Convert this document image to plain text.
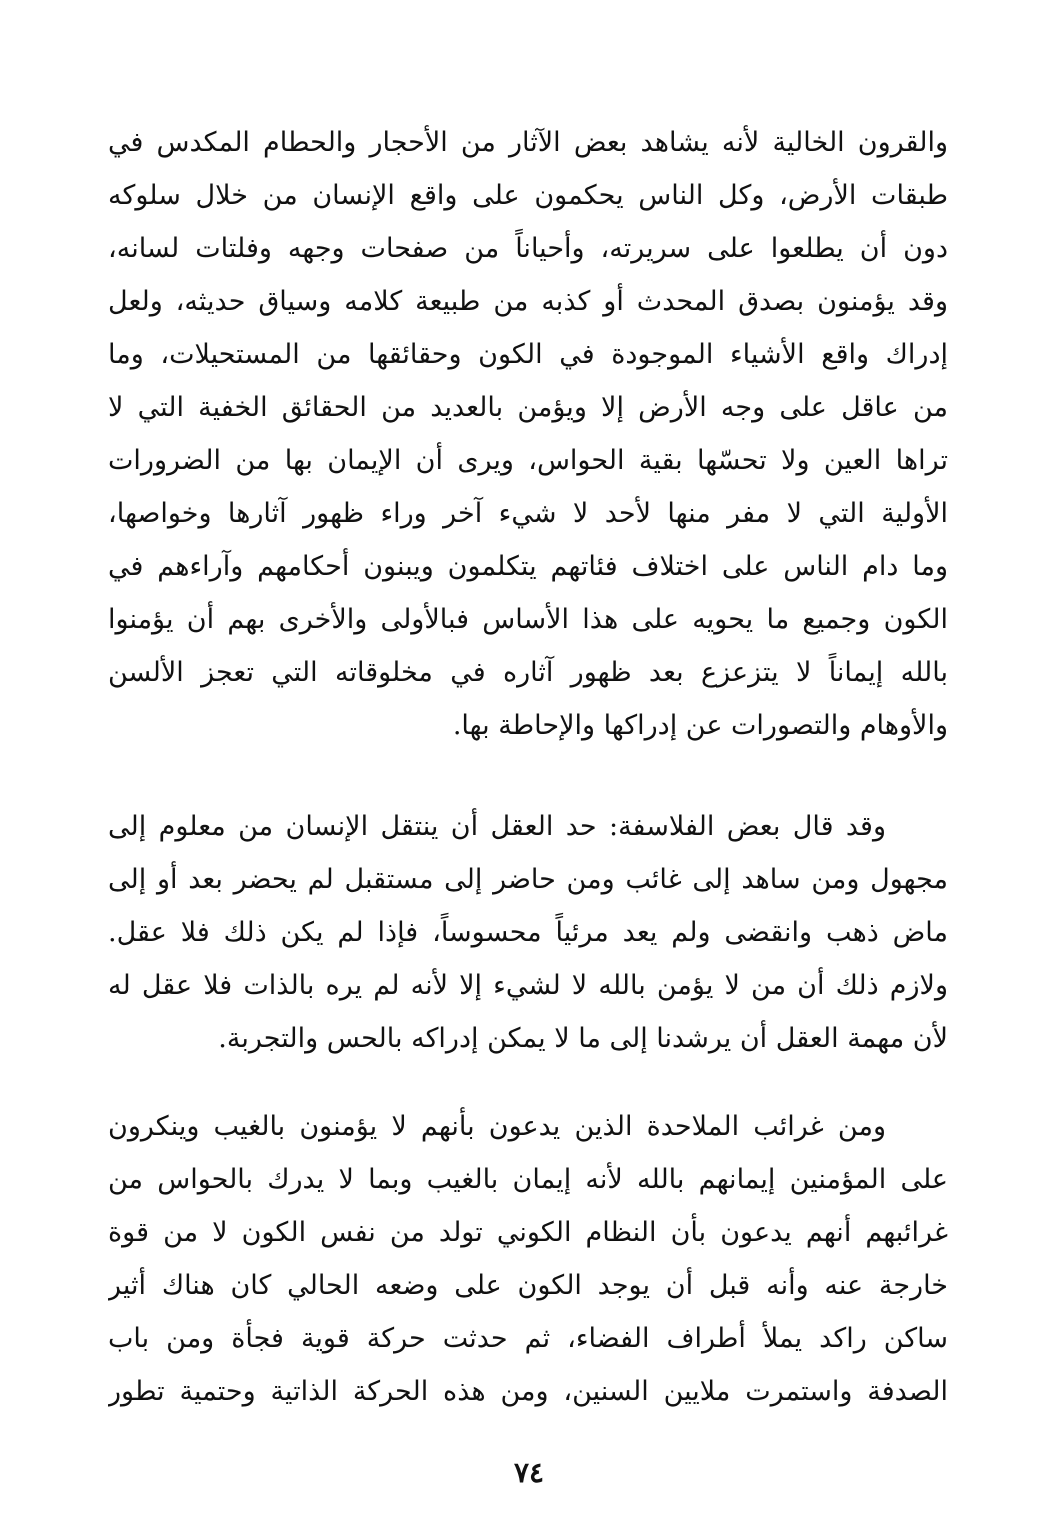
والقرون الخالية لأنه يشاهد بعض الآثار من الأحجار والحطام المكدس في
طبقات الأرض، وكل الناس يحكمون على واقع الإنسان من خلال سلوكه
دون أن يطلعوا على سريرته، وأحياناً من صفحات وجهه وفلتات لسانه،
وقد يؤمنون بصدق المحدث أو كذبه من طبيعة كلامه وسياق حديثه، ولعل
إدراك واقع الأشياء الموجودة في الكون وحقائقها من المستحيلات، وما
من عاقل على وجه الأرض إلا ويؤمن بالعديد من الحقائق الخفية التي لا
تراها العين ولا تحسّها بقية الحواس، ويرى أن الإيمان بها من الضرورات
الأولية التي لا مفر منها لأحد لا شيء آخر وراء ظهور آثارها وخواصها،
وما دام الناس على اختلاف فئاتهم يتكلمون ويبنون أحكامهم وآراءهم في
الكون وجميع ما يحويه على هذا الأساس فبالأولى والأخرى بهم أن يؤمنوا
بالله إيماناً لا يتزعزع بعد ظهور آثاره في مخلوقاته التي تعجز الألسن
والأوهام والتصورات عن إدراكها والإحاطة بها.
وقد قال بعض الفلاسفة: حد العقل أن ينتقل الإنسان من معلوم إلى
مجهول ومن ساهد إلى غائب ومن حاضر إلى مستقبل لم يحضر بعد أو إلى
ماض ذهب وانقضى ولم يعد مرئياً محسوساً، فإذا لم يكن ذلك فلا عقل.
ولازم ذلك أن من لا يؤمن بالله لا لشيء إلا لأنه لم يره بالذات فلا عقل له
لأن مهمة العقل أن يرشدنا إلى ما لا يمكن إدراكه بالحس والتجربة.
ومن غرائب الملاحدة الذين يدعون بأنهم لا يؤمنون بالغيب وينكرون
على المؤمنين إيمانهم بالله لأنه إيمان بالغيب وبما لا يدرك بالحواس من
غرائبهم أنهم يدعون بأن النظام الكوني تولد من نفس الكون لا من قوة
خارجة عنه وأنه قبل أن يوجد الكون على وضعه الحالي كان هناك أثير
ساكن راكد يملأ أطراف الفضاء، ثم حدثت حركة قوية فجأة ومن باب
الصدفة واستمرت ملايين السنين، ومن هذه الحركة الذاتية وحتمية تطور
٧٤
